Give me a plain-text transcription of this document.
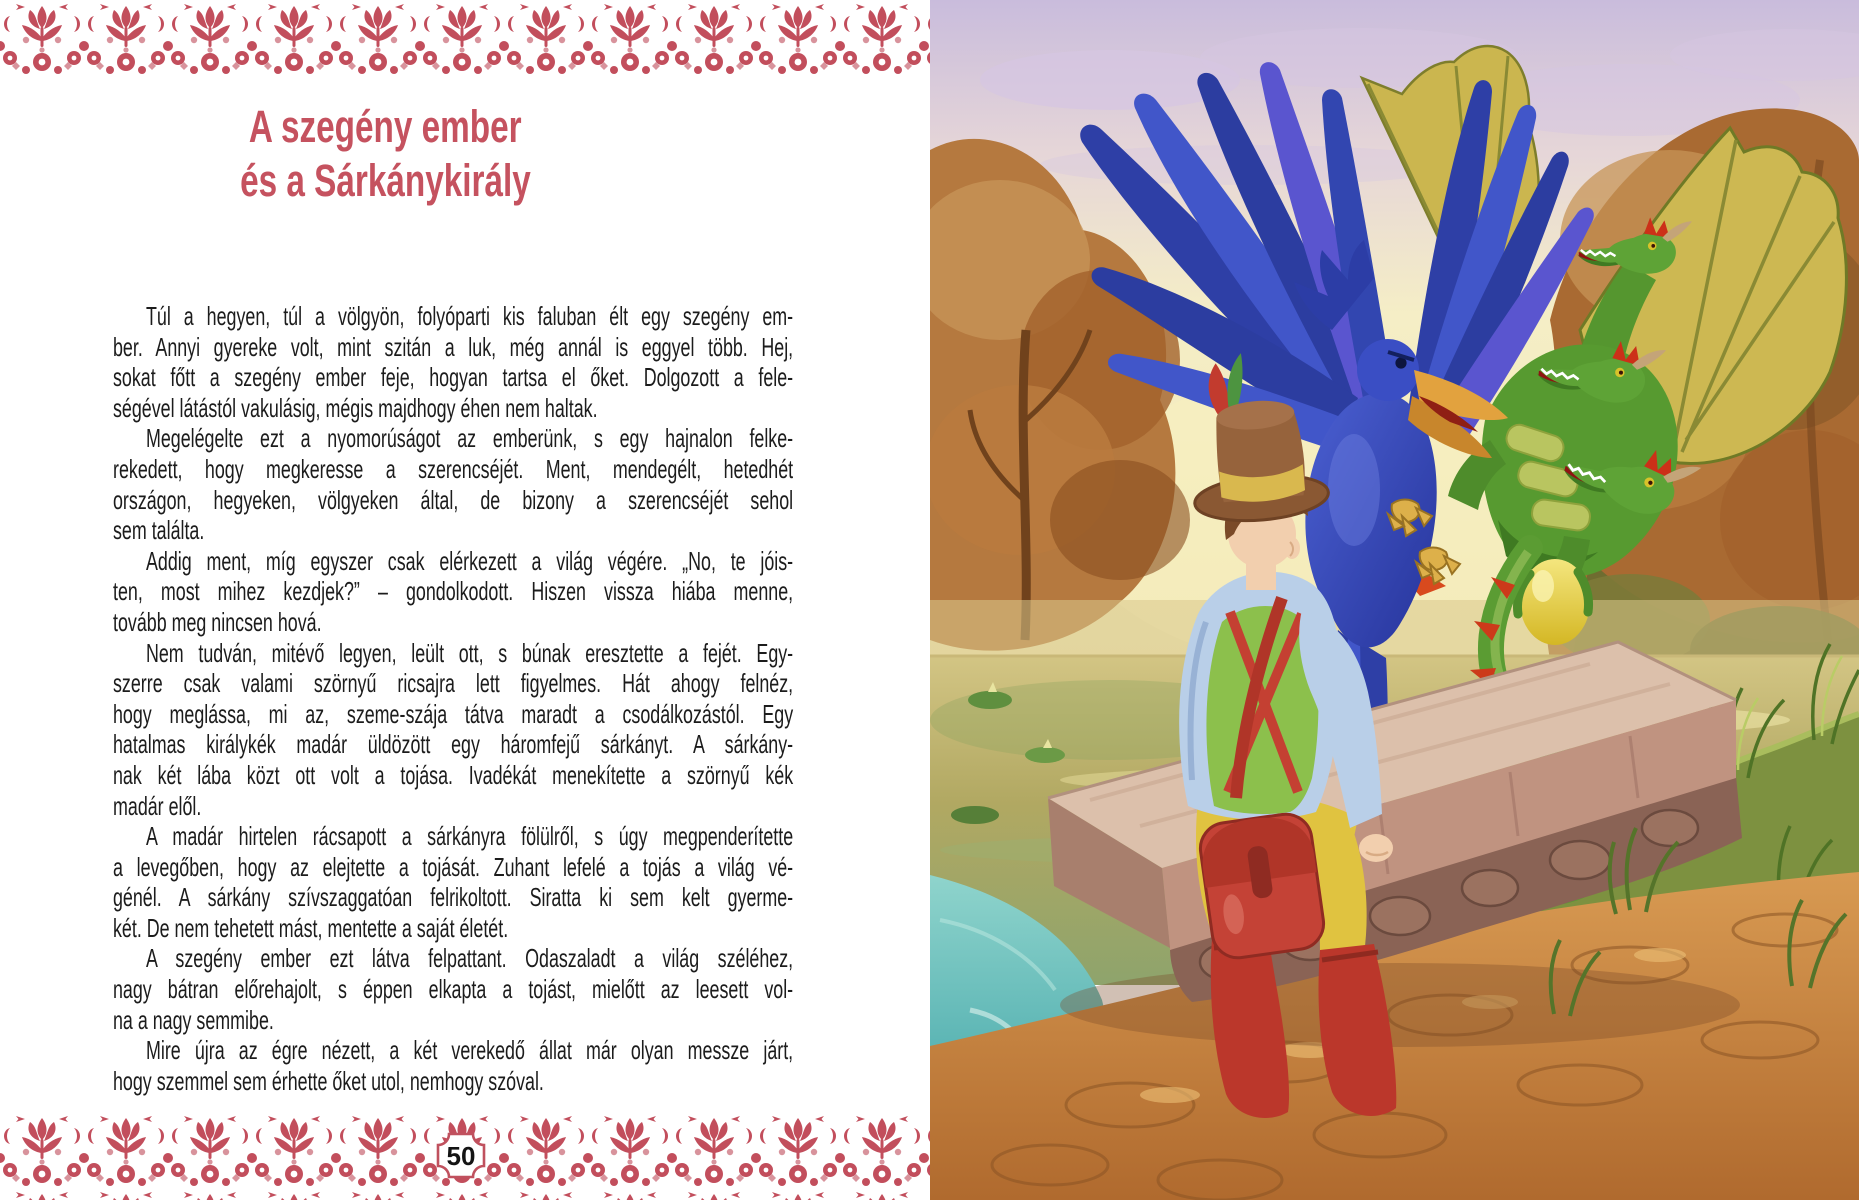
A szegény ember
és a Sárkánykirály
Túl a hegyen, túl a völgyön, folyóparti kis faluban élt egy szegény em-
ber. Annyi gyereke volt, mint szitán a luk, még annál is eggyel több. Hej,
sokat főtt a szegény ember feje, hogyan tartsa el őket. Dolgozott a fele-
ségével látástól vakulásig, mégis majdhogy éhen nem haltak.
Megelégelte ezt a nyomorúságot az emberünk, s egy hajnalon felke-
rekedett, hogy megkeresse a szerencséjét. Ment, mendegélt, hetedhét
országon, hegyeken, völgyeken által, de bizony a szerencséjét sehol
sem találta.
Addig ment, míg egyszer csak elérkezett a világ végére. „No, te jóis-
ten, most mihez kezdjek?” – gondolkodott. Hiszen vissza hiába menne,
tovább meg nincsen hová.
Nem tudván, mitévő legyen, leült ott, s búnak eresztette a fejét. Egy-
szerre csak valami szörnyű ricsajra lett figyelmes. Hát ahogy felnéz,
hogy meglássa, mi az, szeme-szája tátva maradt a csodálkozástól. Egy
hatalmas királykék madár üldözött egy háromfejű sárkányt. A sárkány-
nak két lába közt ott volt a tojása. Ivadékát menekítette a szörnyű kék
madár elől.
A madár hirtelen rácsapott a sárkányra fölülről, s úgy megpenderítette
a levegőben, hogy az elejtette a tojását. Zuhant lefelé a tojás a világ vé-
génél. A sárkány szívszaggatóan felrikoltott. Siratta ki sem kelt gyerme-
két. De nem tehetett mást, mentette a saját életét.
A szegény ember ezt látva felpattant. Odaszaladt a világ széléhez,
nagy bátran előrehajolt, s éppen elkapta a tojást, mielőtt az leesett vol-
na a nagy semmibe.
Mire újra az égre nézett, a két verekedő állat már olyan messze járt,
hogy szemmel sem érhette őket utol, nemhogy szóval.
50
